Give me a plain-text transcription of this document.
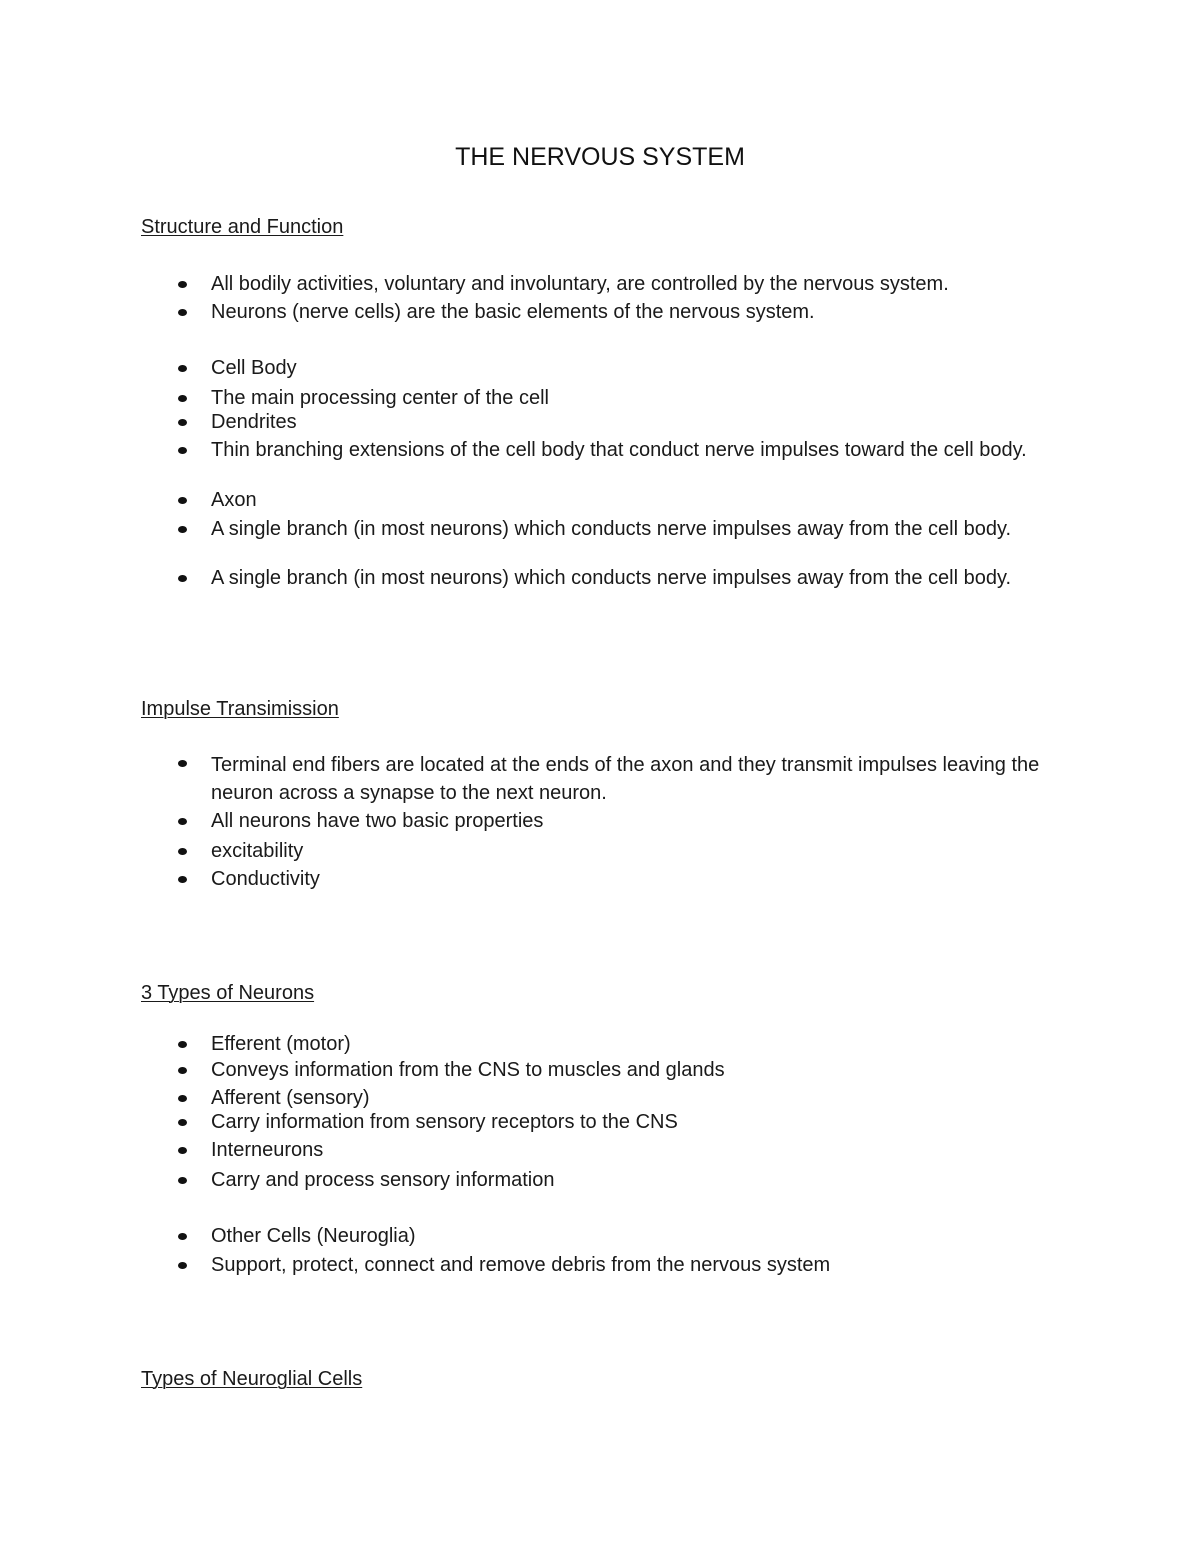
THE NERVOUS SYSTEM
Structure and Function
All bodily activities, voluntary and involuntary, are controlled by the nervous system.
Neurons (nerve cells) are the basic elements of the nervous system.
Cell Body
The main processing center of the cell
Dendrites
Thin branching extensions of the cell body that conduct nerve impulses toward the cell body.
Axon
A single branch (in most neurons) which conducts nerve impulses away from the cell body.
A single branch (in most neurons) which conducts nerve impulses away from the cell body.
Impulse Transimission
Terminal end fibers are located at the ends of the axon and they transmit impulses leaving the neuron across a synapse to the next neuron.
All neurons have two basic properties
excitability
Conductivity
3 Types of Neurons
Efferent (motor)
Conveys information from the CNS to muscles and glands
Afferent (sensory)
Carry information from sensory receptors to the CNS
Interneurons
Carry and process sensory information
Other Cells (Neuroglia)
Support, protect, connect and remove debris from the nervous system
Types of Neuroglial Cells
